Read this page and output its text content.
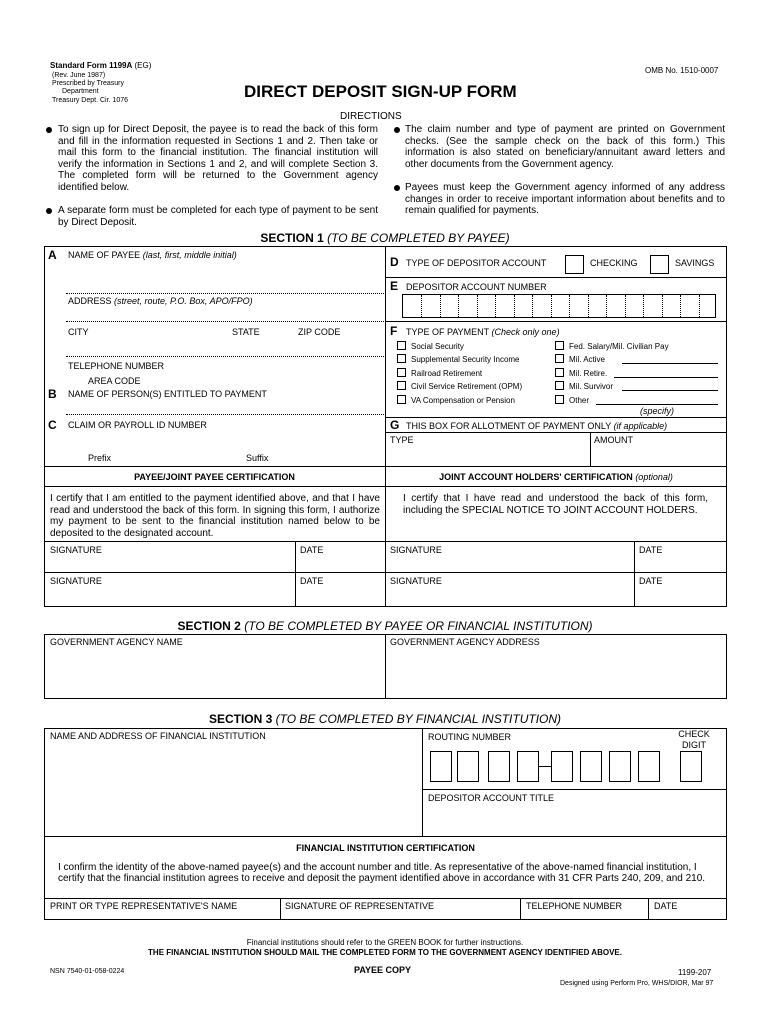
Standard Form 1199A (EG)
(Rev. June 1987)
Prescribed by Treasury
Department
Treasury Dept. Cir. 1076
OMB No. 1510-0007
DIRECT DEPOSIT SIGN-UP FORM
DIRECTIONS
To sign up for Direct Deposit, the payee is to read the back of this form and fill in the information requested in Sections 1 and 2. Then take or mail this form to the financial institution. The financial institution will verify the information in Sections 1 and 2, and will complete Section 3. The completed form will be returned to the Government agency identified below.
A separate form must be completed for each type of payment to be sent by Direct Deposit.
The claim number and type of payment are printed on Government checks. (See the sample check on the back of this form.) This information is also stated on beneficiary/annuitant award letters and other documents from the Government agency.
Payees must keep the Government agency informed of any address changes in order to receive important information about benefits and to remain qualified for payments.
SECTION 1 (TO BE COMPLETED BY PAYEE)
A NAME OF PAYEE (last, first, middle initial)
ADDRESS (street, route, P.O. Box, APO/FPO)
CITY	STATE	ZIP CODE
TELEPHONE NUMBER
AREA CODE
B NAME OF PERSON(S) ENTITLED TO PAYMENT
C CLAIM OR PAYROLL ID NUMBER
Prefix	Suffix
D TYPE OF DEPOSITOR ACCOUNT	CHECKING	SAVINGS
E DEPOSITOR ACCOUNT NUMBER
F TYPE OF PAYMENT (Check only one)
Social Security
Supplemental Security Income
Railroad Retirement
Civil Service Retirement (OPM)
VA Compensation or Pension
Fed. Salary/Mil. Civilian Pay
Mil. Active
Mil. Retire.
Mil. Survivor
Other
(specify)
G THIS BOX FOR ALLOTMENT OF PAYMENT ONLY (if applicable)
TYPE	AMOUNT
PAYEE/JOINT PAYEE CERTIFICATION	JOINT ACCOUNT HOLDERS' CERTIFICATION (optional)
I certify that I am entitled to the payment identified above, and that I have read and understood the back of this form. In signing this form, I authorize my payment to be sent to the financial institution named below to be deposited to the designated account.
I certify that I have read and understood the back of this form, including the SPECIAL NOTICE TO JOINT ACCOUNT HOLDERS.
SIGNATURE	DATE	SIGNATURE	DATE
SIGNATURE	DATE	SIGNATURE	DATE
SECTION 2 (TO BE COMPLETED BY PAYEE OR FINANCIAL INSTITUTION)
GOVERNMENT AGENCY NAME	GOVERNMENT AGENCY ADDRESS
SECTION 3 (TO BE COMPLETED BY FINANCIAL INSTITUTION)
NAME AND ADDRESS OF FINANCIAL INSTITUTION	ROUTING NUMBER	CHECK
DIGIT
DEPOSITOR ACCOUNT TITLE
FINANCIAL INSTITUTION CERTIFICATION
I confirm the identity of the above-named payee(s) and the account number and title. As representative of the above-named financial institution, I certify that the financial institution agrees to receive and deposit the payment identified above in accordance with 31 CFR Parts 240, 209, and 210.
PRINT OR TYPE REPRESENTATIVE'S NAME	SIGNATURE OF REPRESENTATIVE	TELEPHONE NUMBER	DATE
Financial institutions should refer to the GREEN BOOK for further instructions.
THE FINANCIAL INSTITUTION SHOULD MAIL THE COMPLETED FORM TO THE GOVERNMENT AGENCY IDENTIFIED ABOVE.
NSN 7540-01-058-0224	PAYEE COPY	1199-207
Designed using Perform Pro, WHS/DIOR, Mar 97
